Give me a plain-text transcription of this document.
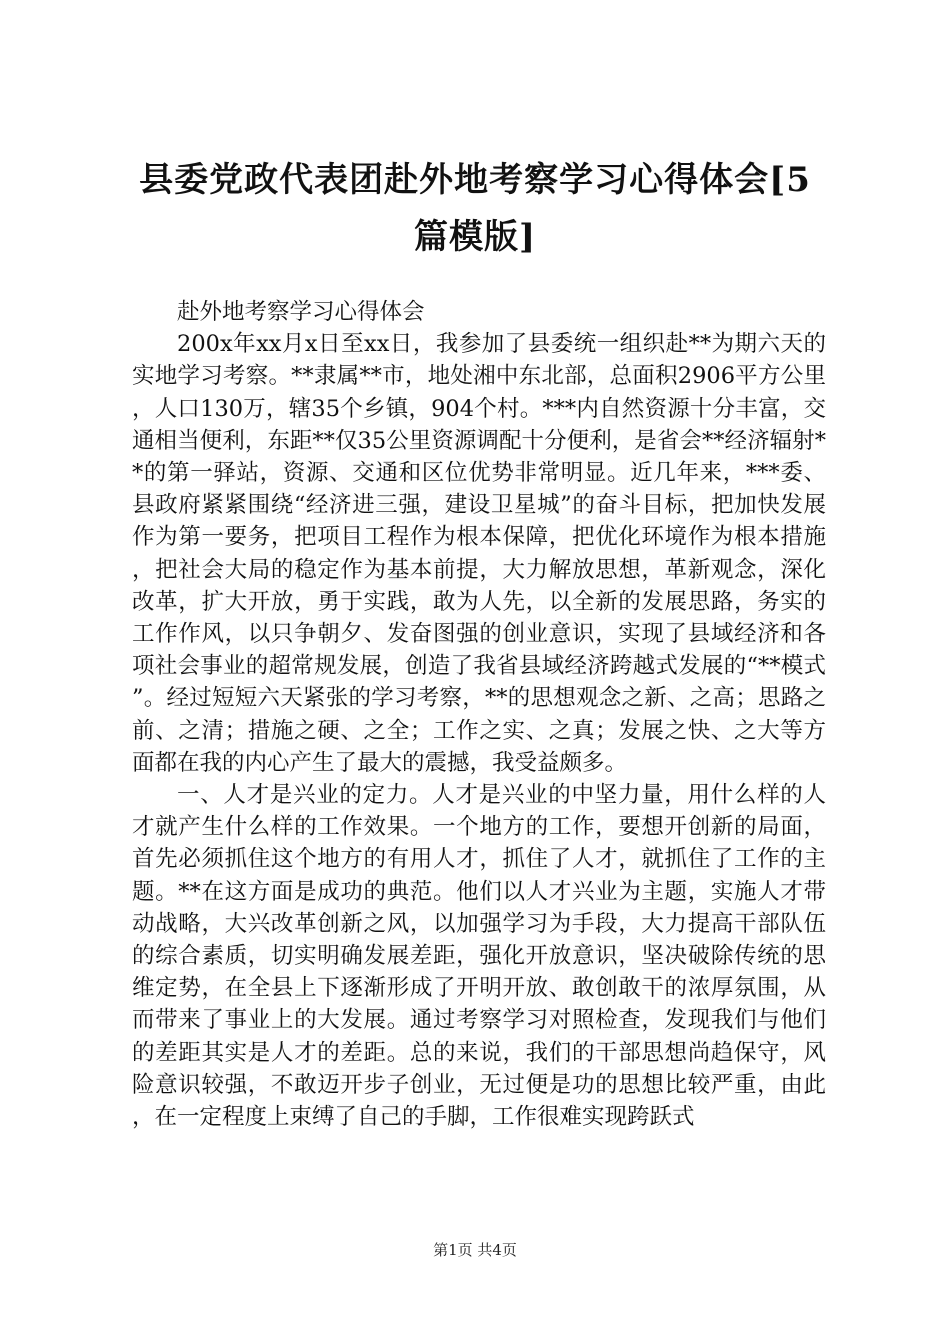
县委党政代表团赴外地考察学习心得体会[5篇模版]

赴外地考察学习心得体会

200x年xx月x日至xx日，我参加了县委统一组织赴**为期六天的实地学习考察。**隶属**市，地处湘中东北部，总面积2906平方公里，人口130万，辖35个乡镇，904个村。***内自然资源十分丰富，交通相当便利，东距**仅35公里资源调配十分便利，是省会**经济辐射**的第一驿站，资源、交通和区位优势非常明显。近几年来，***委、县政府紧紧围绕“经济进三强，建设卫星城”的奋斗目标，把加快发展作为第一要务，把项目工程作为根本保障，把优化环境作为根本措施，把社会大局的稳定作为基本前提，大力解放思想，革新观念，深化改革，扩大开放，勇于实践，敢为人先，以全新的发展思路，务实的工作作风，以只争朝夕、发奋图强的创业意识，实现了县域经济和各项社会事业的超常规发展，创造了我省县域经济跨越式发展的“**模式”。经过短短六天紧张的学习考察，**的思想观念之新、之高；思路之前、之清；措施之硬、之全；工作之实、之真；发展之快、之大等方面都在我的内心产生了最大的震撼，我受益颇多。

一、人才是兴业的定力。人才是兴业的中坚力量，用什么样的人才就产生什么样的工作效果。一个地方的工作，要想开创新的局面，首先必须抓住这个地方的有用人才，抓住了人才，就抓住了工作的主题。**在这方面是成功的典范。他们以人才兴业为主题，实施人才带动战略，大兴改革创新之风，以加强学习为手段，大力提高干部队伍的综合素质，切实明确发展差距，强化开放意识，坚决破除传统的思维定势，在全县上下逐渐形成了开明开放、敢创敢干的浓厚氛围，从而带来了事业上的大发展。通过考察学习对照检查，发现我们与他们的差距其实是人才的差距。总的来说，我们的干部思想尚趋保守，风险意识较强，不敢迈开步子创业，无过便是功的思想比较严重，由此，在一定程度上束缚了自己的手脚，工作很难实现跨跃式

第1页 共4页
